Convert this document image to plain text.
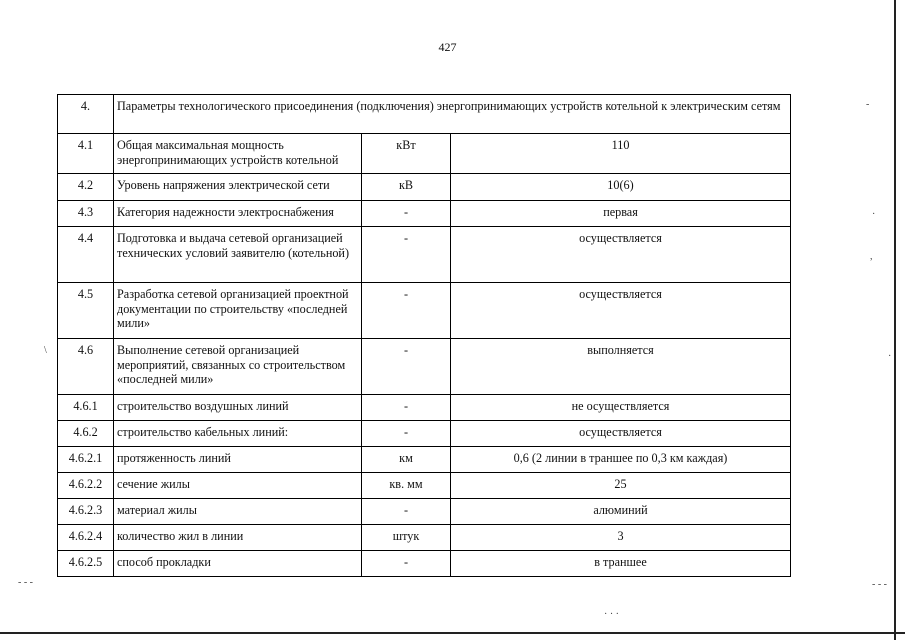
427
4.	Параметры технологического присоединения (подключения) энергопринимающих устройств котельной к электрическим сетям		
4.1	Общая максимальная мощность энергопринимающих устройств котельной	кВт	110
4.2	Уровень напряжения электрической сети	кВ	10(6)
4.3	Категория надежности электроснабжения	-	первая
4.4	Подготовка и выдача сетевой организацией технических условий заявителю (котельной)	-	осуществляется
4.5	Разработка сетевой организацией проектной документации по строительству «последней мили»	-	осуществляется
4.6	Выполнение сетевой организацией мероприятий, связанных со строительством «последней мили»	-	выполняется
4.6.1	строительство воздушных линий	-	не осуществляется
4.6.2	строительство кабельных линий:	-	осуществляется
4.6.2.1	протяженность линий	км	0,6 (2 линии в траншее по 0,3 км каждая)
4.6.2.2	сечение жилы	кв. мм	25
4.6.2.3	материал жилы	-	алюминий
4.6.2.4	количество жил в линии	штук	3
4.6.2.5	способ прокладки	-	в траншее
-
·
,
\
·
- - -	- - -
· · ·
